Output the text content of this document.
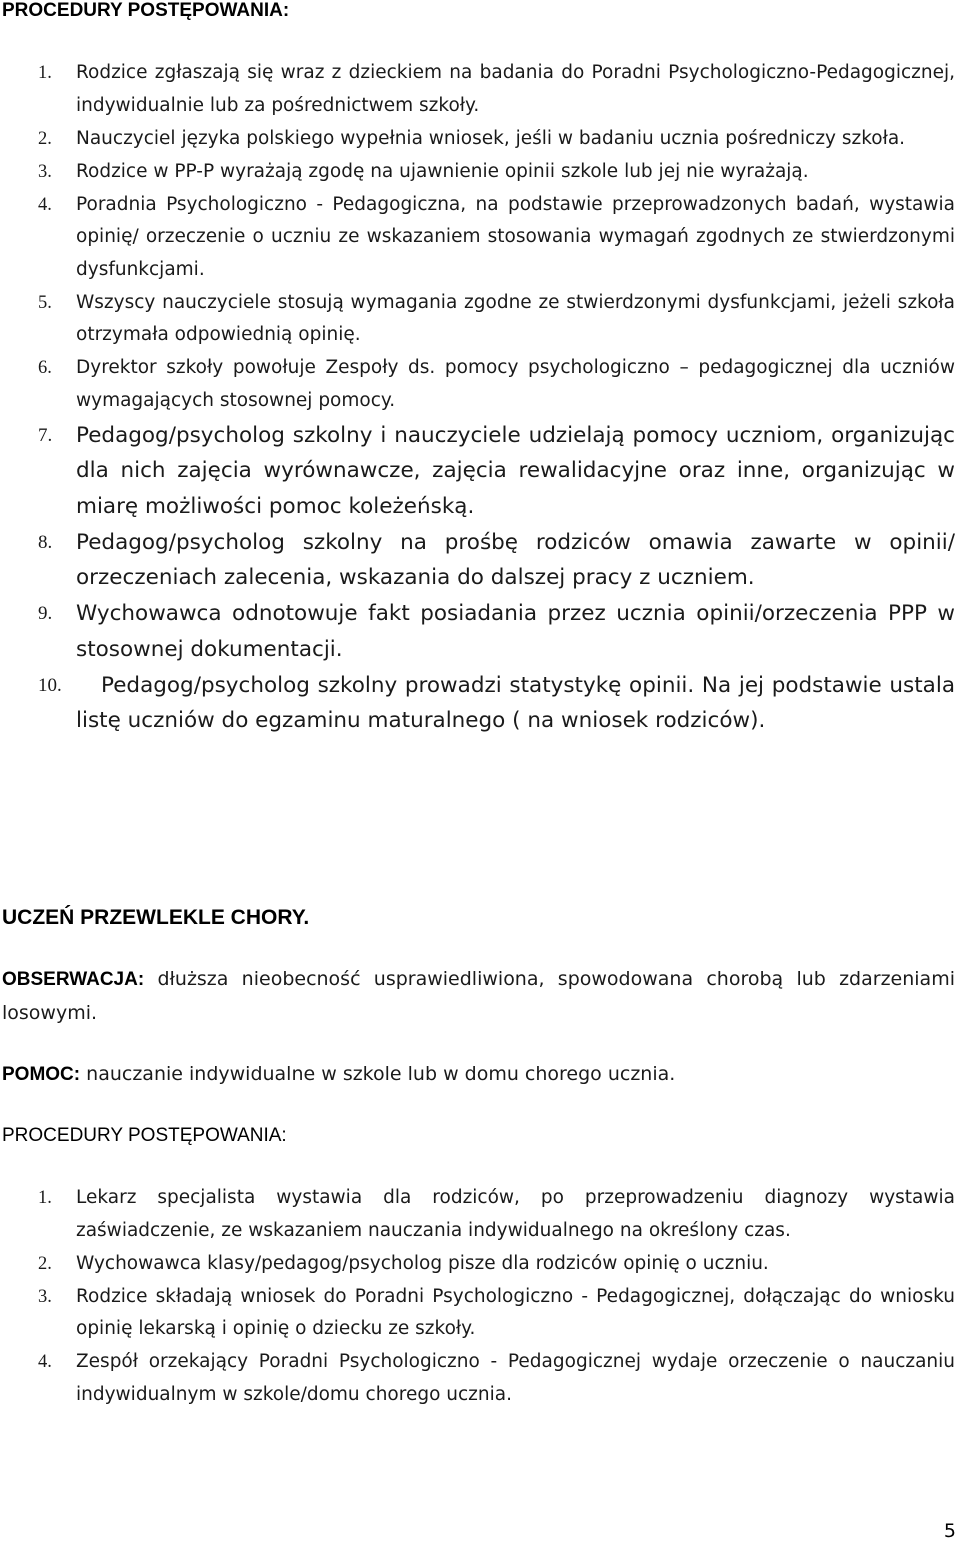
PROCEDURY POSTĘPOWANIA:
1. Rodzice zgłaszają się wraz z dzieckiem na badania do Poradni Psychologiczno-Pedagogicznej, indywidualnie lub za pośrednictwem szkoły.
2. Nauczyciel języka polskiego wypełnia wniosek, jeśli w badaniu ucznia pośredniczy szkoła.
3. Rodzice w PP-P wyrażają zgodę na ujawnienie opinii szkole lub jej nie wyrażają.
4. Poradnia Psychologiczno - Pedagogiczna, na podstawie przeprowadzonych badań, wystawia opinię/ orzeczenie o uczniu ze wskazaniem stosowania wymagań zgodnych ze stwierdzonymi dysfunkcjami.
5. Wszyscy nauczyciele stosują wymagania zgodne ze stwierdzonymi dysfunkcjami, jeżeli szkoła otrzymała odpowiednią opinię.
6. Dyrektor szkoły powołuje Zespoły ds. pomocy psychologiczno – pedagogicznej dla uczniów wymagających stosownej pomocy.
7. Pedagog/psycholog szkolny i nauczyciele udzielają pomocy uczniom, organizując dla nich zajęcia wyrównawcze, zajęcia rewalidacyjne oraz inne, organizując w miarę możliwości pomoc koleżeńską.
8. Pedagog/psycholog szkolny na prośbę rodziców omawia zawarte w opinii/ orzeczeniach zalecenia, wskazania do dalszej pracy z uczniem.
9. Wychowawca odnotowuje fakt posiadania przez ucznia opinii/orzeczenia PPP w stosownej dokumentacji.
10. Pedagog/psycholog szkolny prowadzi statystykę opinii. Na jej podstawie ustala listę uczniów do egzaminu maturalnego ( na wniosek rodziców).
UCZEŃ PRZEWLEKLE CHORY.

OBSERWACJA: dłuższa nieobecność usprawiedliwiona, spowodowana chorobą lub zdarzeniami losowymi.

POMOC: nauczanie indywidualne w szkole lub w domu chorego ucznia.

PROCEDURY POSTĘPOWANIA:
1. Lekarz specjalista wystawia dla rodziców, po przeprowadzeniu diagnozy wystawia zaświadczenie, ze wskazaniem nauczania indywidualnego na określony czas.
2. Wychowawca klasy/pedagog/psycholog pisze dla rodziców opinię o uczniu.
3. Rodzice składają wniosek do Poradni Psychologiczno - Pedagogicznej, dołączając do wniosku opinię lekarską i opinię o dziecku ze szkoły.
4. Zespół orzekający Poradni Psychologiczno - Pedagogicznej wydaje orzeczenie o nauczaniu indywidualnym w szkole/domu chorego ucznia.
5
